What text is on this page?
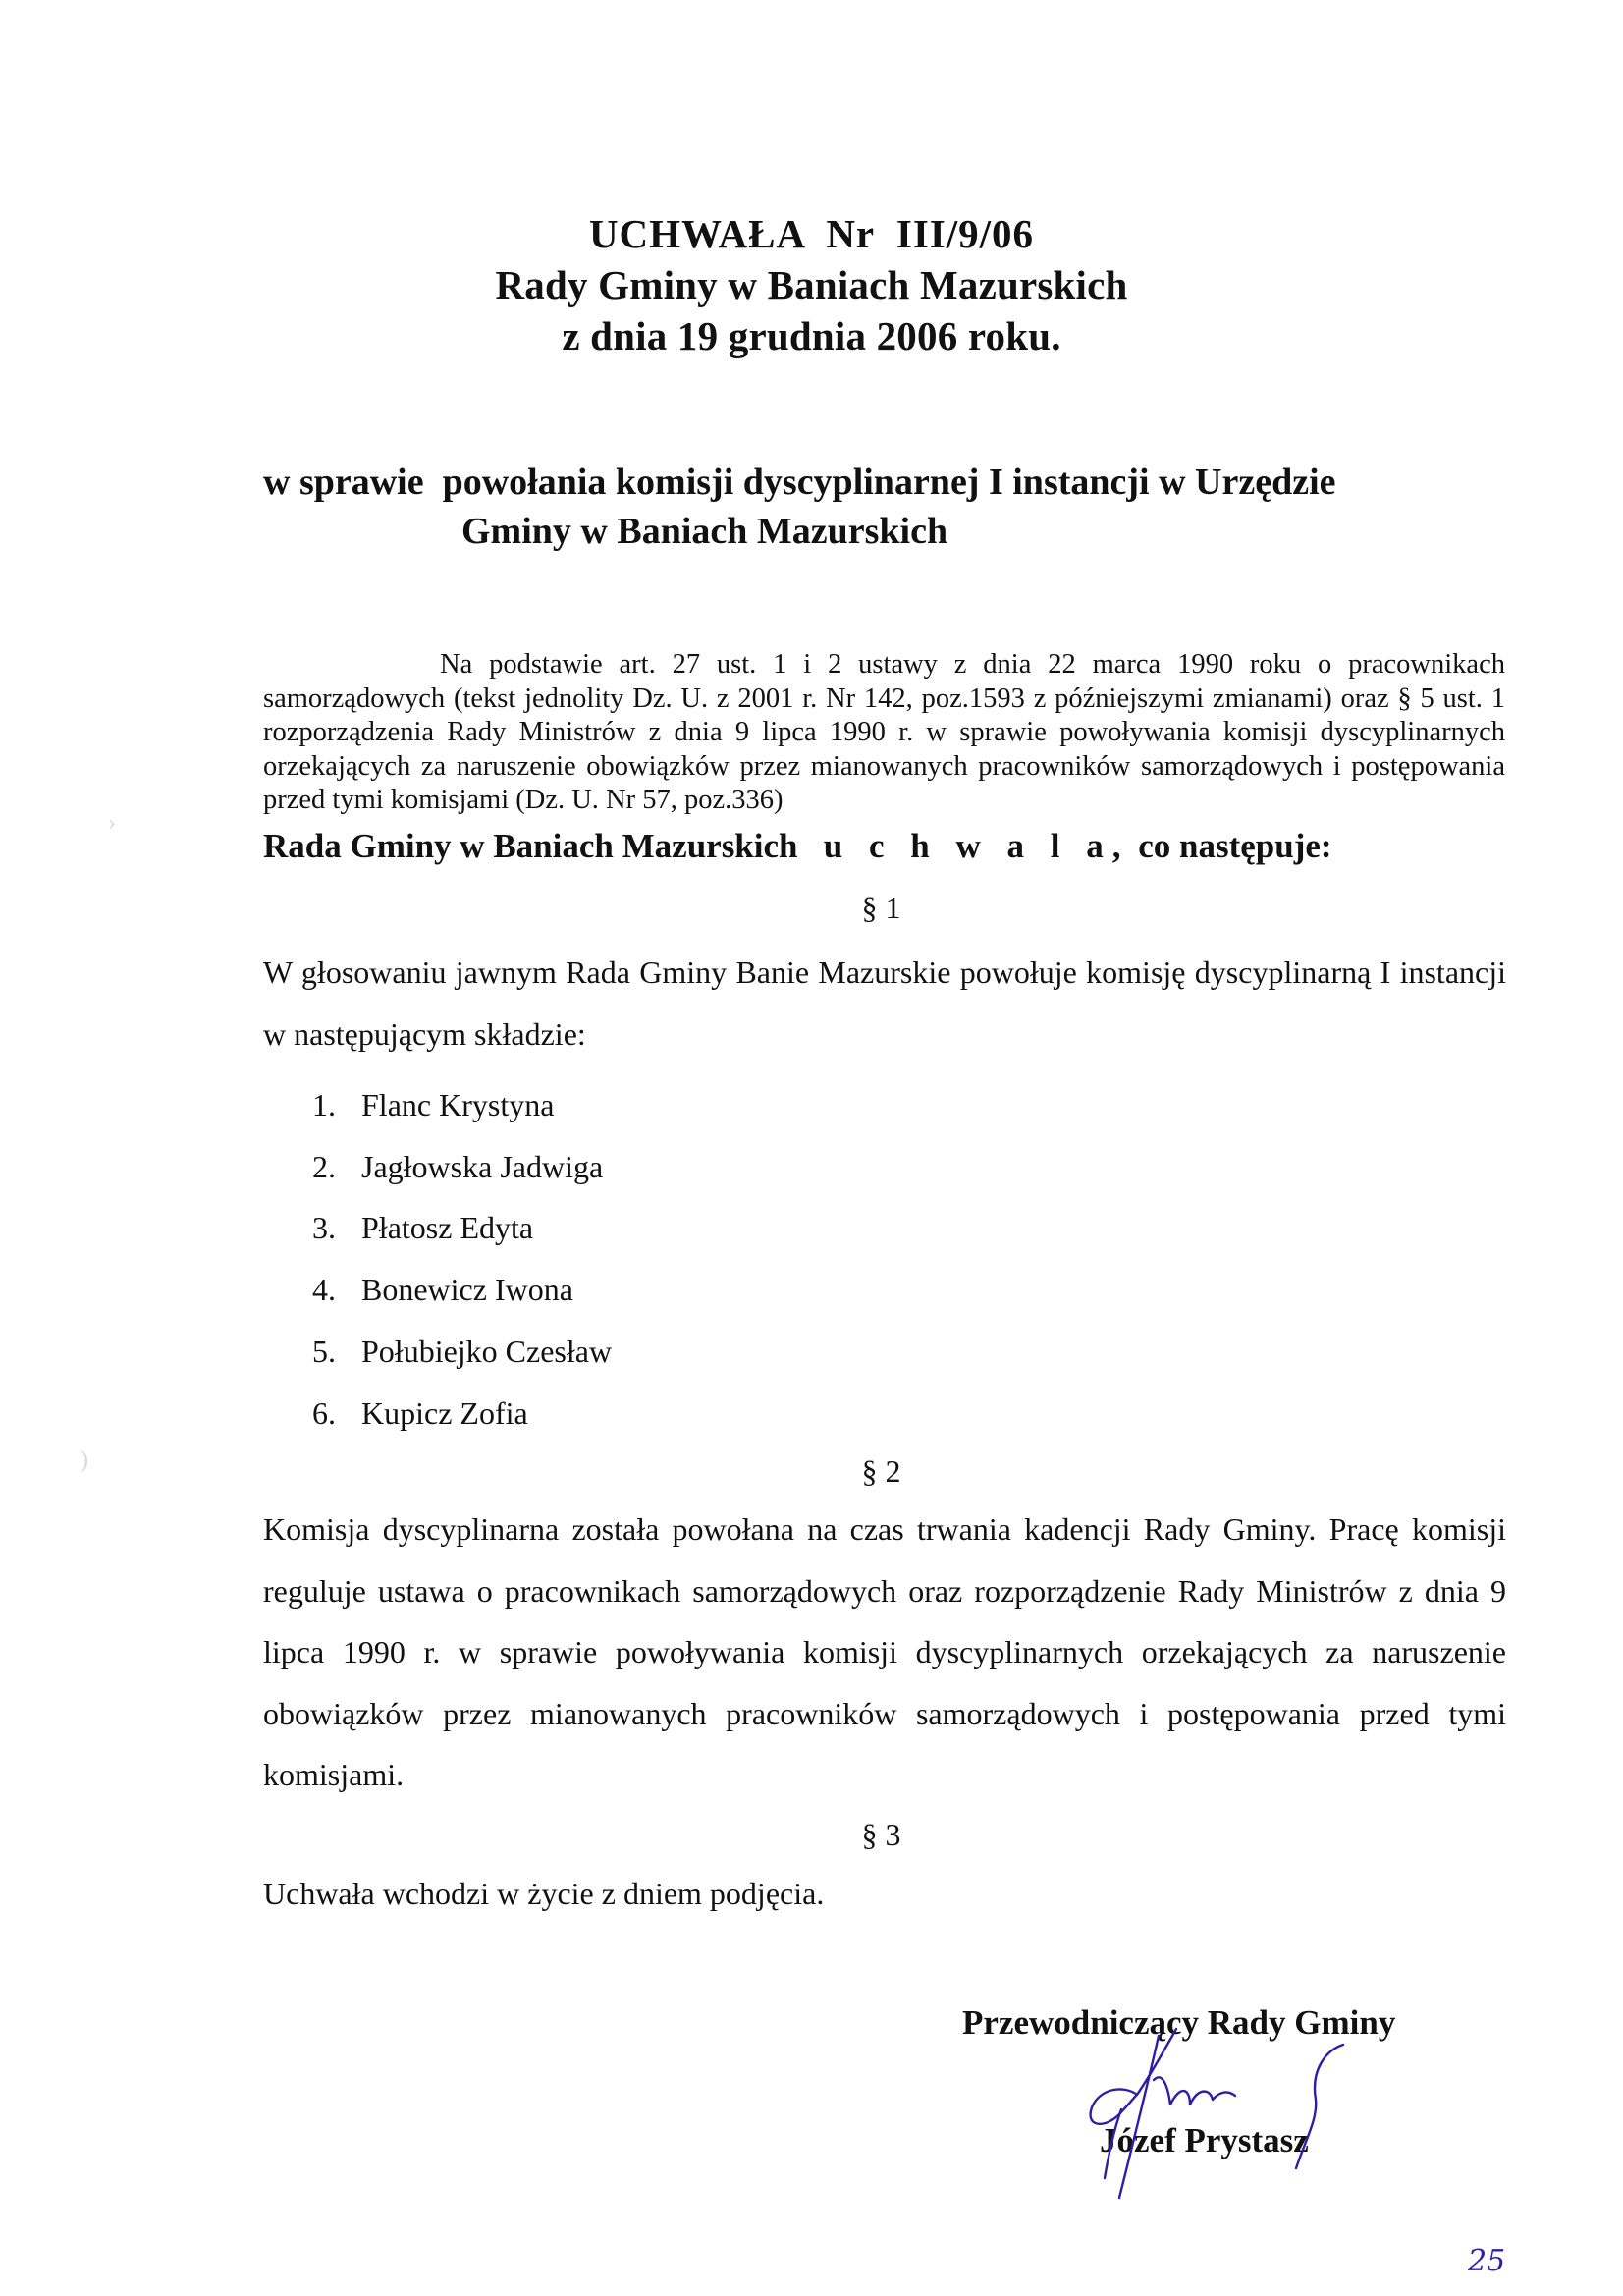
›
)
UCHWAŁA  Nr  III/9/06
Rady Gminy w Baniach Mazurskich
z dnia 19 grudnia 2006 roku.
w sprawie  powołania komisji dyscyplinarnej I instancji w Urzędzie
Gminy w Baniach Mazurskich
Na podstawie art. 27 ust. 1 i 2 ustawy z dnia 22 marca 1990 roku o pracownikach samorządowych (tekst jednolity Dz. U. z 2001 r. Nr 142, poz.1593 z późniejszymi zmianami) oraz § 5 ust. 1 rozporządzenia Rady Ministrów z dnia 9 lipca 1990 r. w sprawie powoływania komisji dyscyplinarnych orzekających za naruszenie obowiązków przez mianowanych pracowników samorządowych i postępowania przed tymi komisjami (Dz. U. Nr 57, poz.336)
Rada Gminy w Baniach Mazurskich u c h w a l a, co następuje:
§ 1
W głosowaniu jawnym Rada Gminy Banie Mazurskie powołuje komisję dyscyplinarną I instancji w następującym składzie:
1. Flanc Krystyna
2. Jagłowska Jadwiga
3. Płatosz Edyta
4. Bonewicz Iwona
5. Połubiejko Czesław
6. Kupicz Zofia
§ 2
Komisja dyscyplinarna została powołana na czas trwania kadencji Rady Gminy. Pracę komisji reguluje ustawa o pracownikach samorządowych oraz rozporządzenie Rady Ministrów z dnia 9 lipca 1990 r. w sprawie powoływania komisji dyscyplinarnych orzekających za naruszenie obowiązków przez mianowanych pracowników samorządowych i postępowania przed tymi komisjami.
§ 3
Uchwała wchodzi w życie z dniem podjęcia.
Przewodniczący Rady Gminy
Józef Prystasz
25
